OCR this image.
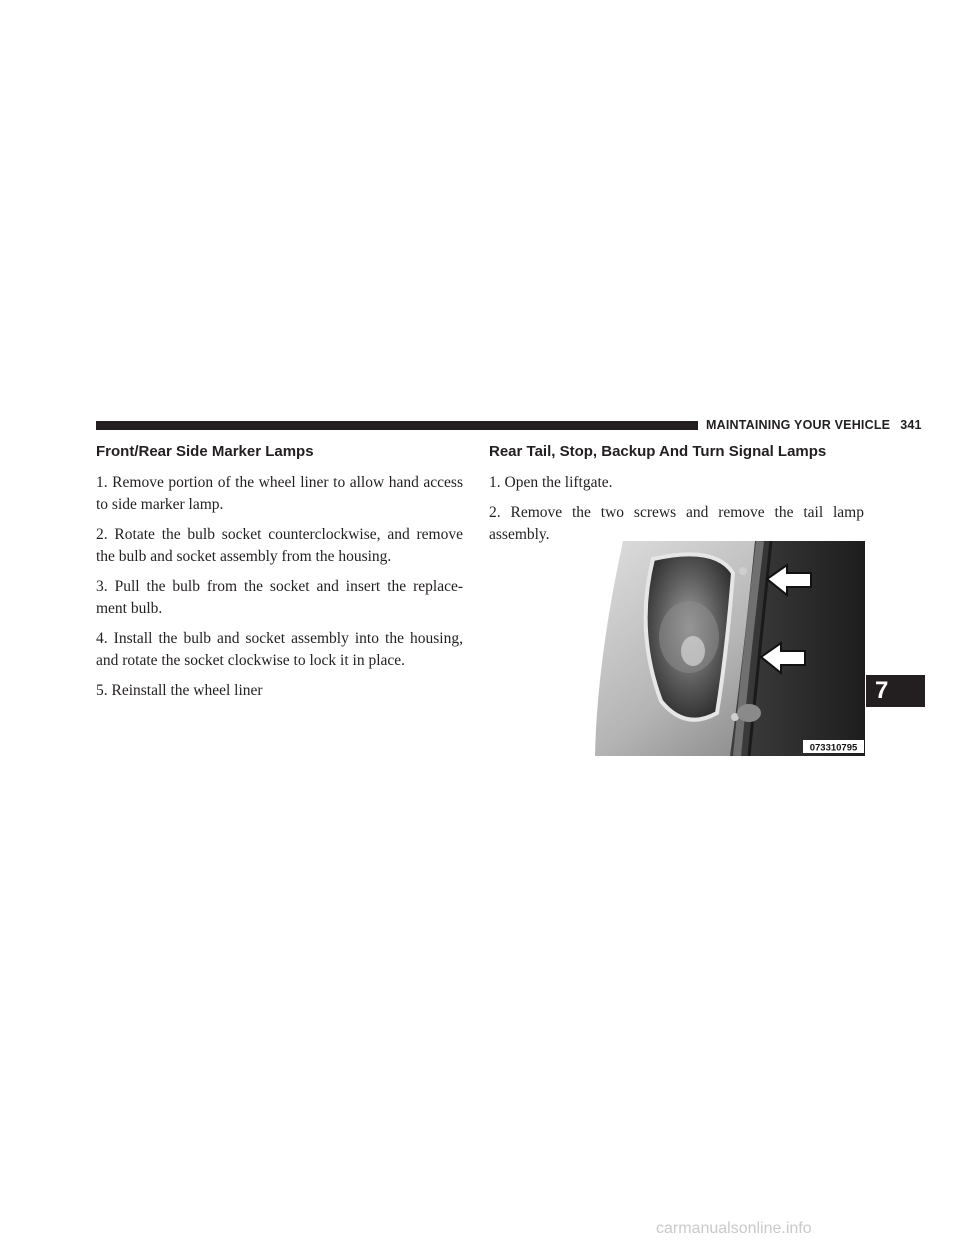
MAINTAINING YOUR VEHICLE 341
Front/Rear Side Marker Lamps

1. Remove portion of the wheel liner to allow hand access to side marker lamp.

2. Rotate the bulb socket counterclockwise, and remove the bulb and socket assembly from the housing.

3. Pull the bulb from the socket and insert the replace- ment bulb.

4. Install the bulb and socket assembly into the housing, and rotate the socket clockwise to lock it in place.

5. Reinstall the wheel liner

Rear Tail, Stop, Backup And Turn Signal Lamps

1. Open the liftgate.

2. Remove the two screws and remove the tail lamp assembly.

073310795
7
carmanualsonline.info
